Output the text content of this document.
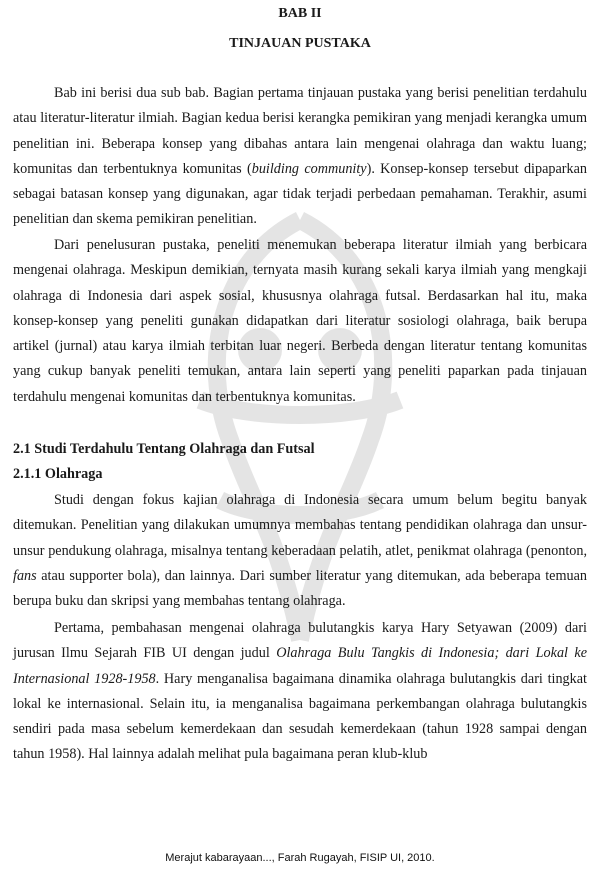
BAB II
TINJAUAN PUSTAKA

Bab ini berisi dua sub bab. Bagian pertama tinjauan pustaka yang berisi penelitian terdahulu atau literatur-literatur ilmiah. Bagian kedua berisi kerangka pemikiran yang menjadi kerangka umum penelitian ini. Beberapa konsep yang dibahas antara lain mengenai olahraga dan waktu luang; komunitas dan terbentuknya komunitas (building community). Konsep-konsep tersebut dipaparkan sebagai batasan konsep yang digunakan, agar tidak terjadi perbedaan pemahaman. Terakhir, asumi penelitian dan skema pemikiran penelitian.

Dari penelusuran pustaka, peneliti menemukan beberapa literatur ilmiah yang berbicara mengenai olahraga. Meskipun demikian, ternyata masih kurang sekali karya ilmiah yang mengkaji olahraga di Indonesia dari aspek sosial, khususnya olahraga futsal. Berdasarkan hal itu, maka konsep-konsep yang peneliti gunakan didapatkan dari literatur sosiologi olahraga, baik berupa artikel (jurnal) atau karya ilmiah terbitan luar negeri. Berbeda dengan literatur tentang komunitas yang cukup banyak peneliti temukan, antara lain seperti yang peneliti paparkan pada tinjauan terdahulu mengenai komunitas dan terbentuknya komunitas.

2.1 Studi Terdahulu Tentang Olahraga dan Futsal
2.1.1 Olahraga

Studi dengan fokus kajian olahraga di Indonesia secara umum belum begitu banyak ditemukan. Penelitian yang dilakukan umumnya membahas tentang pendidikan olahraga dan unsur-unsur pendukung olahraga, misalnya tentang keberadaan pelatih, atlet, penikmat olahraga (penonton, fans atau supporter bola), dan lainnya. Dari sumber literatur yang ditemukan, ada beberapa temuan berupa buku dan skripsi yang membahas tentang olahraga.

Pertama, pembahasan mengenai olahraga bulutangkis karya Hary Setyawan (2009) dari jurusan Ilmu Sejarah FIB UI dengan judul Olahraga Bulu Tangkis di Indonesia; dari Lokal ke Internasional 1928-1958. Hary menganalisa bagaimana dinamika olahraga bulutangkis dari tingkat lokal ke internasional. Selain itu, ia menganalisa bagaimana perkembangan olahraga bulutangkis sendiri pada masa sebelum kemerdekaan dan sesudah kemerdekaan (tahun 1928 sampai dengan tahun 1958). Hal lainnya adalah melihat pula bagaimana peran klub-klub

Merajut kabarayaan..., Farah Rugayah, FISIP UI, 2010.
